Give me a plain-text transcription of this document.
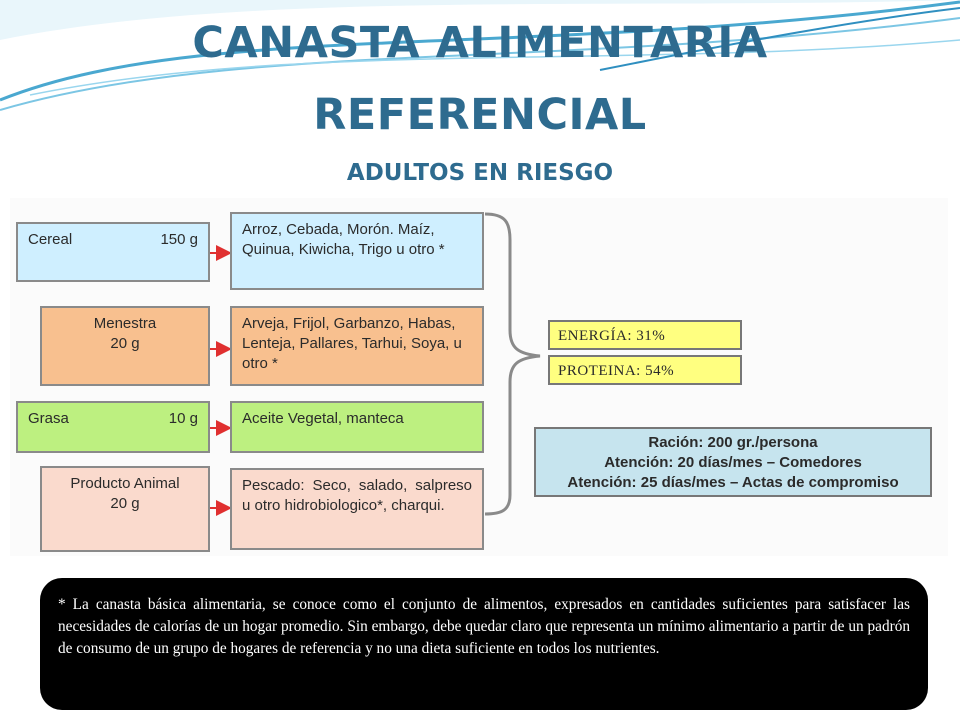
CANASTA ALIMENTARIA
REFERENCIAL
ADULTOS EN RIESGO
Cereal	150 g
Menestra
20 g
Grasa	10 g
Producto Animal
20 g
Arroz, Cebada, Morón. Maíz, Quinua, Kiwicha, Trigo u otro *
Arveja, Frijol, Garbanzo, Habas, Lenteja, Pallares, Tarhui, Soya, u otro *
Aceite Vegetal, manteca
Pescado: Seco, salado, salpreso u otro hidrobiologico*, charqui.
ENERGÍA: 31%
PROTEINA: 54%
Ración: 200 gr./persona
Atención: 20 días/mes – Comedores
Atención: 25 días/mes – Actas de compromiso
* La canasta básica alimentaria, se conoce como el conjunto de alimentos, expresados en cantidades suficientes para satisfacer las necesidades de calorías de un hogar promedio. Sin embargo, debe quedar claro que representa un mínimo alimentario a partir de un padrón de consumo de un grupo de hogares de referencia y no una dieta suficiente en todos los nutrientes.
